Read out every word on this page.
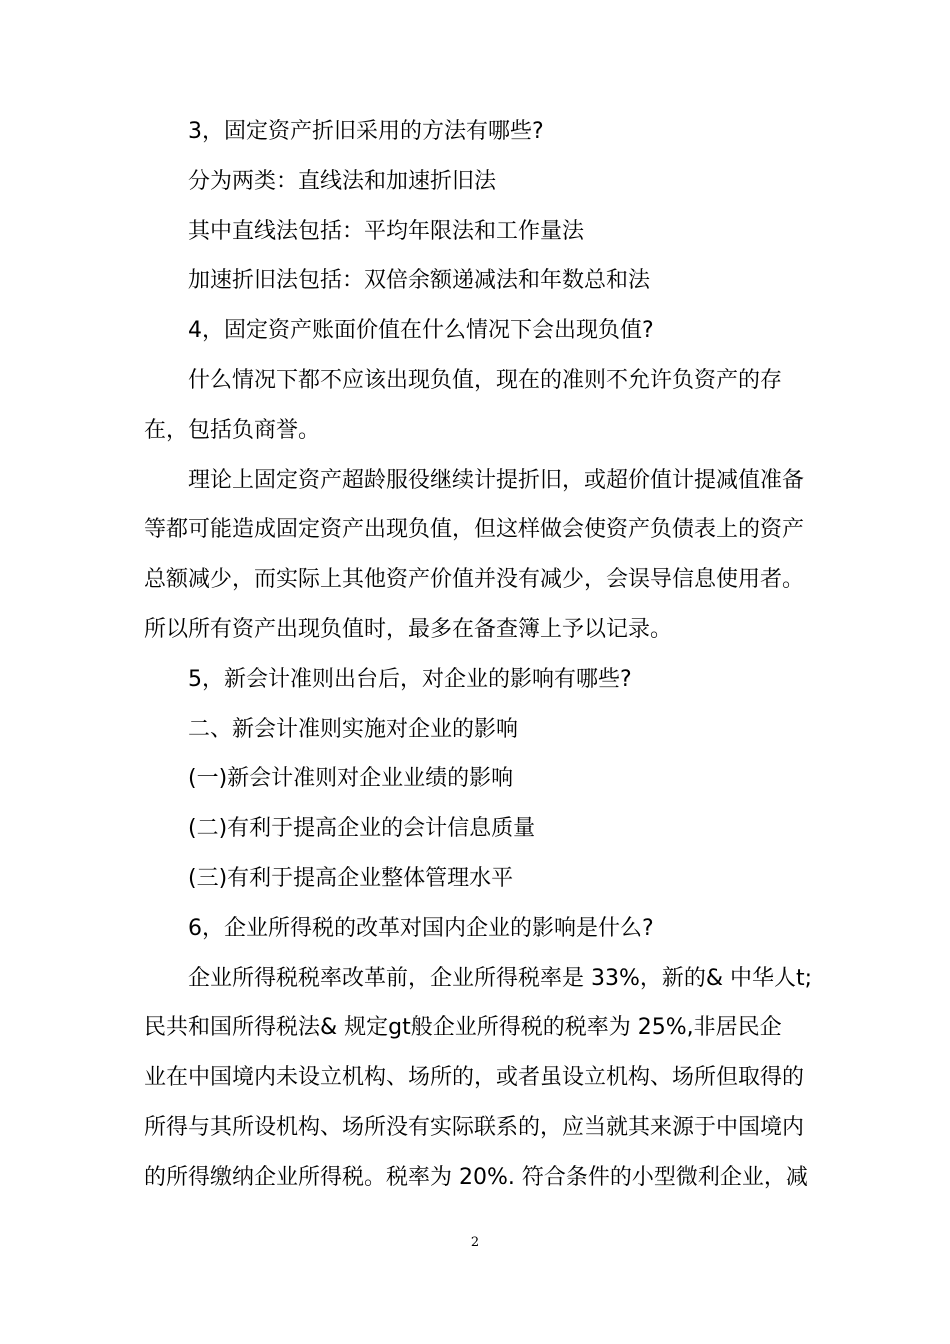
3，固定资产折旧采用的方法有哪些?
分为两类：直线法和加速折旧法
其中直线法包括：平均年限法和工作量法
加速折旧法包括：双倍余额递减法和年数总和法
4，固定资产账面价值在什么情况下会出现负值?
什么情况下都不应该出现负值，现在的准则不允许负资产的存
在，包括负商誉。
理论上固定资产超龄服役继续计提折旧，或超价值计提减值准备
等都可能造成固定资产出现负值，但这样做会使资产负债表上的资产
总额减少，而实际上其他资产价值并没有减少，会误导信息使用者。
所以所有资产出现负值时，最多在备查簿上予以记录。
5，新会计准则出台后，对企业的影响有哪些?
二、新会计准则实施对企业的影响
(一)新会计准则对企业业绩的影响
(二)有利于提高企业的会计信息质量
(三)有利于提高企业整体管理水平
6，企业所得税的改革对国内企业的影响是什么?
企业所得税税率改革前，企业所得税率是 33%，新的& 中华人t;
民共和国所得税法& 规定gt般企业所得税的税率为 25%,非居民企
业在中国境内未设立机构、场所的，或者虽设立机构、场所但取得的
所得与其所设机构、场所没有实际联系的，应当就其来源于中国境内
的所得缴纳企业所得税。税率为 20%. 符合条件的小型微利企业，减
2
